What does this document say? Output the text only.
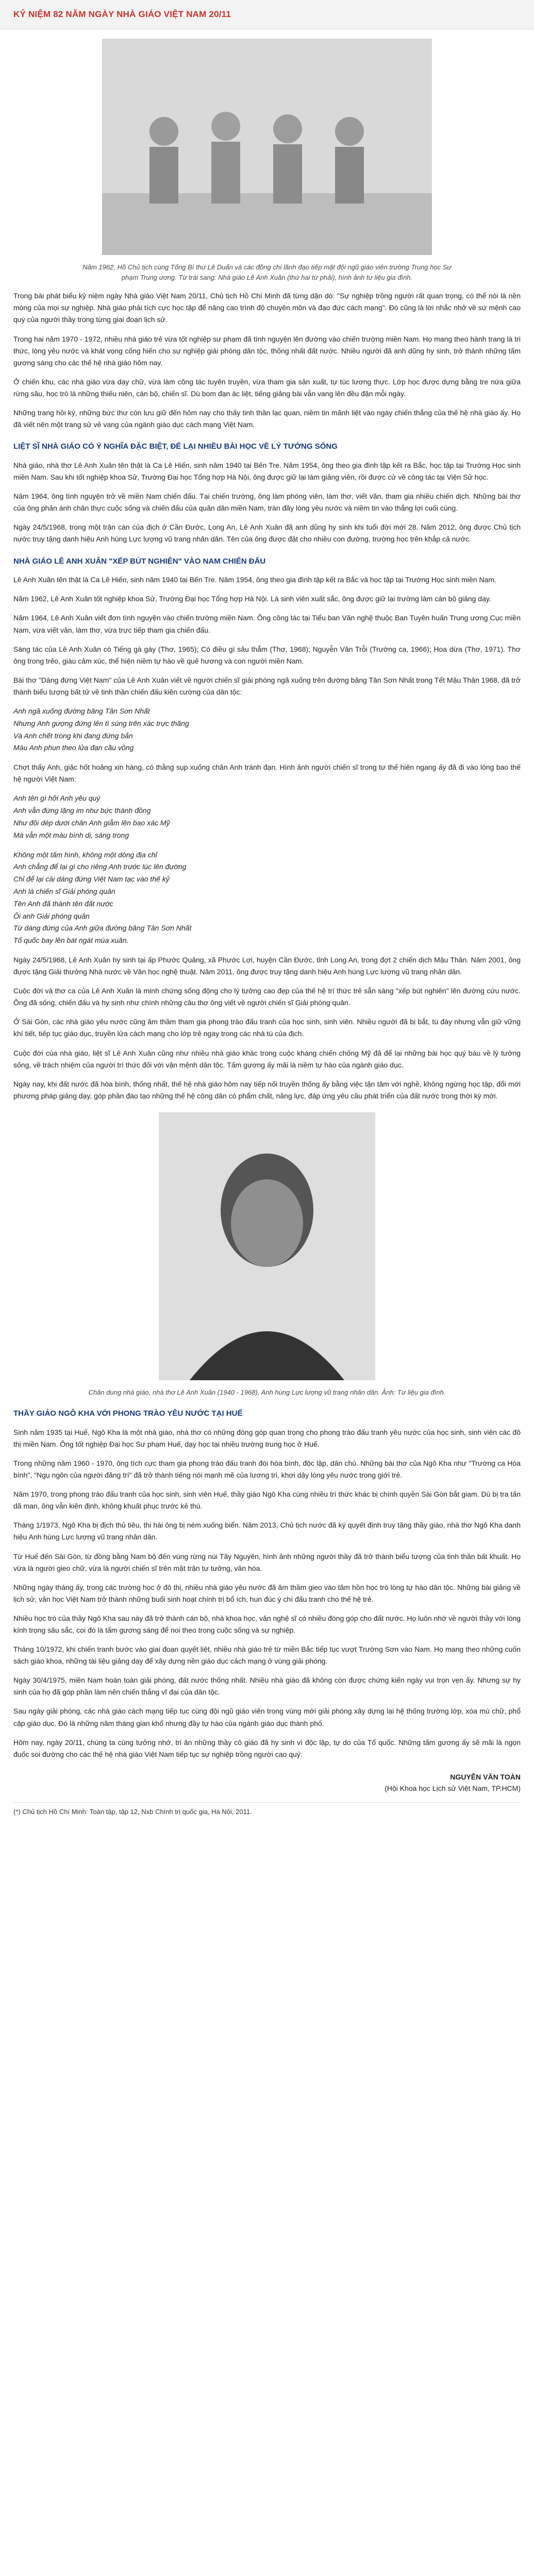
KỶ NIỆM 82 NĂM NGÀY NHÀ GIÁO VIỆT NAM 20/11
Năm 1962, Hồ Chủ tịch cùng Tổng Bí thư Lê Duẩn và các đồng chí lãnh đạo tiếp mặt đội ngũ giáo viên trường Trung học Sư phạm Trung ương. Từ trái sang: Nhà giáo Lê Anh Xuân (thứ hai từ phải), hình ảnh tư liệu gia đình.
Trong bài phát biểu kỷ niệm ngày Nhà giáo Việt Nam 20/11, Chủ tịch Hồ Chí Minh đã từng dặn dò: "Sự nghiệp trồng người rất quan trọng, có thể nói là nền móng của mọi sự nghiệp. Nhà giáo phải tích cực học tập để nâng cao trình độ chuyên môn và đạo đức cách mạng". Đó cũng là lời nhắc nhở về sứ mệnh cao quý của người thầy trong từng giai đoạn lịch sử.
Trong hai năm 1970 - 1972, nhiều nhà giáo trẻ vừa tốt nghiệp sư phạm đã tình nguyện lên đường vào chiến trường miền Nam. Họ mang theo hành trang là tri thức, lòng yêu nước và khát vọng cống hiến cho sự nghiệp giải phóng dân tộc, thống nhất đất nước. Nhiều người đã anh dũng hy sinh, trở thành những tấm gương sáng cho các thế hệ nhà giáo hôm nay.
Ở chiến khu, các nhà giáo vừa dạy chữ, vừa làm công tác tuyên truyền, vừa tham gia sản xuất, tự túc lương thực. Lớp học được dựng bằng tre nứa giữa rừng sâu, học trò là những thiếu niên, cán bộ, chiến sĩ. Dù bom đạn ác liệt, tiếng giảng bài vẫn vang lên đều đặn mỗi ngày.
Những trang hồi ký, những bức thư còn lưu giữ đến hôm nay cho thấy tinh thần lạc quan, niềm tin mãnh liệt vào ngày chiến thắng của thế hệ nhà giáo ấy. Họ đã viết nên một trang sử vẻ vang của ngành giáo dục cách mạng Việt Nam.
LIỆT SĨ NHÀ GIÁO CÓ Ý NGHĨA ĐẶC BIỆT, ĐỂ LẠI NHIỀU BÀI HỌC VỀ LÝ TƯỞNG SỐNG
Nhà giáo, nhà thơ Lê Anh Xuân tên thật là Ca Lê Hiến, sinh năm 1940 tại Bến Tre. Năm 1954, ông theo gia đình tập kết ra Bắc, học tập tại Trường Học sinh miền Nam. Sau khi tốt nghiệp khoa Sử, Trường Đại học Tổng hợp Hà Nội, ông được giữ lại làm giảng viên, rồi được cử về công tác tại Viện Sử học.
Năm 1964, ông tình nguyện trở về miền Nam chiến đấu. Tại chiến trường, ông làm phóng viên, làm thơ, viết văn, tham gia nhiều chiến dịch. Những bài thơ của ông phản ánh chân thực cuộc sống và chiến đấu của quân dân miền Nam, tràn đầy lòng yêu nước và niềm tin vào thắng lợi cuối cùng.
Ngày 24/5/1968, trong một trận càn của địch ở Cần Đước, Long An, Lê Anh Xuân đã anh dũng hy sinh khi tuổi đời mới 28. Năm 2012, ông được Chủ tịch nước truy tặng danh hiệu Anh hùng Lực lượng vũ trang nhân dân. Tên của ông được đặt cho nhiều con đường, trường học trên khắp cả nước.
NHÀ GIÁO LÊ ANH XUÂN "XẾP BÚT NGHIÊN" VÀO NAM CHIẾN ĐẤU
Lê Anh Xuân tên thật là Ca Lê Hiến, sinh năm 1940 tại Bến Tre. Năm 1954, ông theo gia đình tập kết ra Bắc và học tập tại Trường Học sinh miền Nam.
Năm 1962, Lê Anh Xuân tốt nghiệp khoa Sử, Trường Đại học Tổng hợp Hà Nội. Là sinh viên xuất sắc, ông được giữ lại trường làm cán bộ giảng dạy.
Năm 1964, Lê Anh Xuân viết đơn tình nguyện vào chiến trường miền Nam. Ông công tác tại Tiểu ban Văn nghệ thuộc Ban Tuyên huấn Trung ương Cục miền Nam, vừa viết văn, làm thơ, vừa trực tiếp tham gia chiến đấu.
Sáng tác của Lê Anh Xuân có Tiếng gà gáy (Thơ, 1965); Có điều gì sâu thẳm (Thơ, 1968); Nguyễn Văn Trỗi (Trường ca, 1966); Hoa dừa (Thơ, 1971). Thơ ông trong trẻo, giàu cảm xúc, thể hiện niềm tự hào về quê hương và con người miền Nam.
Bài thơ "Dáng đứng Việt Nam" của Lê Anh Xuân viết về người chiến sĩ giải phóng ngã xuống trên đường băng Tân Sơn Nhất trong Tết Mậu Thân 1968, đã trở thành biểu tượng bất tử về tinh thần chiến đấu kiên cường của dân tộc:
Anh ngã xuống đường băng Tân Sơn Nhất
Nhưng Anh gượng đứng lên tì súng trên xác trực thăng
Và Anh chết trong khi đang đứng bắn
Máu Anh phun theo lửa đạn cầu vồng
Chợt thấy Anh, giặc hốt hoảng xin hàng, có thằng sụp xuống chân Anh tránh đạn. Hình ảnh người chiến sĩ trong tư thế hiên ngang ấy đã đi vào lòng bao thế hệ người Việt Nam:
Anh tên gì hỡi Anh yêu quý
Anh vẫn đứng lặng im như bức thành đồng
Như đôi dép dưới chân Anh giẫm lên bao xác Mỹ
Mà vẫn một màu bình dị, sáng trong
Không một tấm hình, không một dòng địa chỉ
Anh chẳng để lại gì cho riêng Anh trước lúc lên đường
Chỉ để lại cái dáng đứng Việt Nam tạc vào thế kỷ
Anh là chiến sĩ Giải phóng quân
Tên Anh đã thành tên đất nước
Ôi anh Giải phóng quân
Từ dáng đứng của Anh giữa đường băng Tân Sơn Nhất
Tổ quốc bay lên bát ngát mùa xuân.
Ngày 24/5/1968, Lê Anh Xuân hy sinh tại ấp Phước Quảng, xã Phước Lợi, huyện Cần Đước, tỉnh Long An, trong đợt 2 chiến dịch Mậu Thân. Năm 2001, ông được tặng Giải thưởng Nhà nước về Văn học nghệ thuật. Năm 2011, ông được truy tặng danh hiệu Anh hùng Lực lượng vũ trang nhân dân.
Cuộc đời và thơ ca của Lê Anh Xuân là minh chứng sống động cho lý tưởng cao đẹp của thế hệ trí thức trẻ sẵn sàng "xếp bút nghiên" lên đường cứu nước. Ông đã sống, chiến đấu và hy sinh như chính những câu thơ ông viết về người chiến sĩ Giải phóng quân.
Ở Sài Gòn, các nhà giáo yêu nước cũng âm thầm tham gia phong trào đấu tranh của học sinh, sinh viên. Nhiều người đã bị bắt, tù đày nhưng vẫn giữ vững khí tiết, tiếp tục giáo dục, truyền lửa cách mạng cho lớp trẻ ngay trong các nhà tù của địch.
Cuộc đời của nhà giáo, liệt sĩ Lê Anh Xuân cũng như nhiều nhà giáo khác trong cuộc kháng chiến chống Mỹ đã để lại những bài học quý báu về lý tưởng sống, về trách nhiệm của người trí thức đối với vận mệnh dân tộc. Tấm gương ấy mãi là niềm tự hào của ngành giáo dục.
Ngày nay, khi đất nước đã hòa bình, thống nhất, thế hệ nhà giáo hôm nay tiếp nối truyền thống ấy bằng việc tận tâm với nghề, không ngừng học tập, đổi mới phương pháp giảng dạy, góp phần đào tạo những thế hệ công dân có phẩm chất, năng lực, đáp ứng yêu cầu phát triển của đất nước trong thời kỳ mới.
Chân dung nhà giáo, nhà thơ Lê Anh Xuân (1940 - 1968), Anh hùng Lực lượng vũ trang nhân dân. Ảnh: Tư liệu gia đình.
THẦY GIÁO NGÔ KHA VỚI PHONG TRÀO YÊU NƯỚC TẠI HUẾ
Sinh năm 1935 tại Huế, Ngô Kha là một nhà giáo, nhà thơ có những đóng góp quan trọng cho phong trào đấu tranh yêu nước của học sinh, sinh viên các đô thị miền Nam. Ông tốt nghiệp Đại học Sư phạm Huế, dạy học tại nhiều trường trung học ở Huế.
Trong những năm 1960 - 1970, ông tích cực tham gia phong trào đấu tranh đòi hòa bình, độc lập, dân chủ. Những bài thơ của Ngô Kha như "Trường ca Hòa bình", "Ngụ ngôn của người đãng trí" đã trở thành tiếng nói mạnh mẽ của lương tri, khơi dậy lòng yêu nước trong giới trẻ.
Năm 1970, trong phong trào đấu tranh của học sinh, sinh viên Huế, thầy giáo Ngô Kha cùng nhiều trí thức khác bị chính quyền Sài Gòn bắt giam. Dù bị tra tấn dã man, ông vẫn kiên định, không khuất phục trước kẻ thù.
Tháng 1/1973, Ngô Kha bị địch thủ tiêu, thi hài ông bị ném xuống biển. Năm 2013, Chủ tịch nước đã ký quyết định truy tặng thầy giáo, nhà thơ Ngô Kha danh hiệu Anh hùng Lực lượng vũ trang nhân dân.
Từ Huế đến Sài Gòn, từ đồng bằng Nam bộ đến vùng rừng núi Tây Nguyên, hình ảnh những người thầy đã trở thành biểu tượng của tinh thần bất khuất. Họ vừa là người gieo chữ, vừa là người chiến sĩ trên mặt trận tư tưởng, văn hóa.
Những ngày tháng ấy, trong các trường học ở đô thị, nhiều nhà giáo yêu nước đã âm thầm gieo vào tâm hồn học trò lòng tự hào dân tộc. Những bài giảng về lịch sử, văn học Việt Nam trở thành những buổi sinh hoạt chính trị bổ ích, hun đúc ý chí đấu tranh cho thế hệ trẻ.
Nhiều học trò của thầy Ngô Kha sau này đã trở thành cán bộ, nhà khoa học, văn nghệ sĩ có nhiều đóng góp cho đất nước. Họ luôn nhớ về người thầy với lòng kính trọng sâu sắc, coi đó là tấm gương sáng để noi theo trong cuộc sống và sự nghiệp.
Tháng 10/1972, khi chiến tranh bước vào giai đoạn quyết liệt, nhiều nhà giáo trẻ từ miền Bắc tiếp tục vượt Trường Sơn vào Nam. Họ mang theo những cuốn sách giáo khoa, những tài liệu giảng dạy để xây dựng nền giáo dục cách mạng ở vùng giải phóng.
Ngày 30/4/1975, miền Nam hoàn toàn giải phóng, đất nước thống nhất. Nhiều nhà giáo đã không còn được chứng kiến ngày vui trọn vẹn ấy. Nhưng sự hy sinh của họ đã góp phần làm nên chiến thắng vĩ đại của dân tộc.
Sau ngày giải phóng, các nhà giáo cách mạng tiếp tục cùng đội ngũ giáo viên trong vùng mới giải phóng xây dựng lại hệ thống trường lớp, xóa mù chữ, phổ cập giáo dục. Đó là những năm tháng gian khổ nhưng đầy tự hào của ngành giáo dục thành phố.
Hôm nay, ngày 20/11, chúng ta cùng tưởng nhớ, tri ân những thầy cô giáo đã hy sinh vì độc lập, tự do của Tổ quốc. Những tấm gương ấy sẽ mãi là ngọn đuốc soi đường cho các thế hệ nhà giáo Việt Nam tiếp tục sự nghiệp trồng người cao quý.
NGUYỄN VĂN TOÀN
(Hội Khoa học Lịch sử Việt Nam, TP.HCM)
(*) Chủ tịch Hồ Chí Minh: Toàn tập, tập 12, Nxb Chính trị quốc gia, Hà Nội, 2011.
